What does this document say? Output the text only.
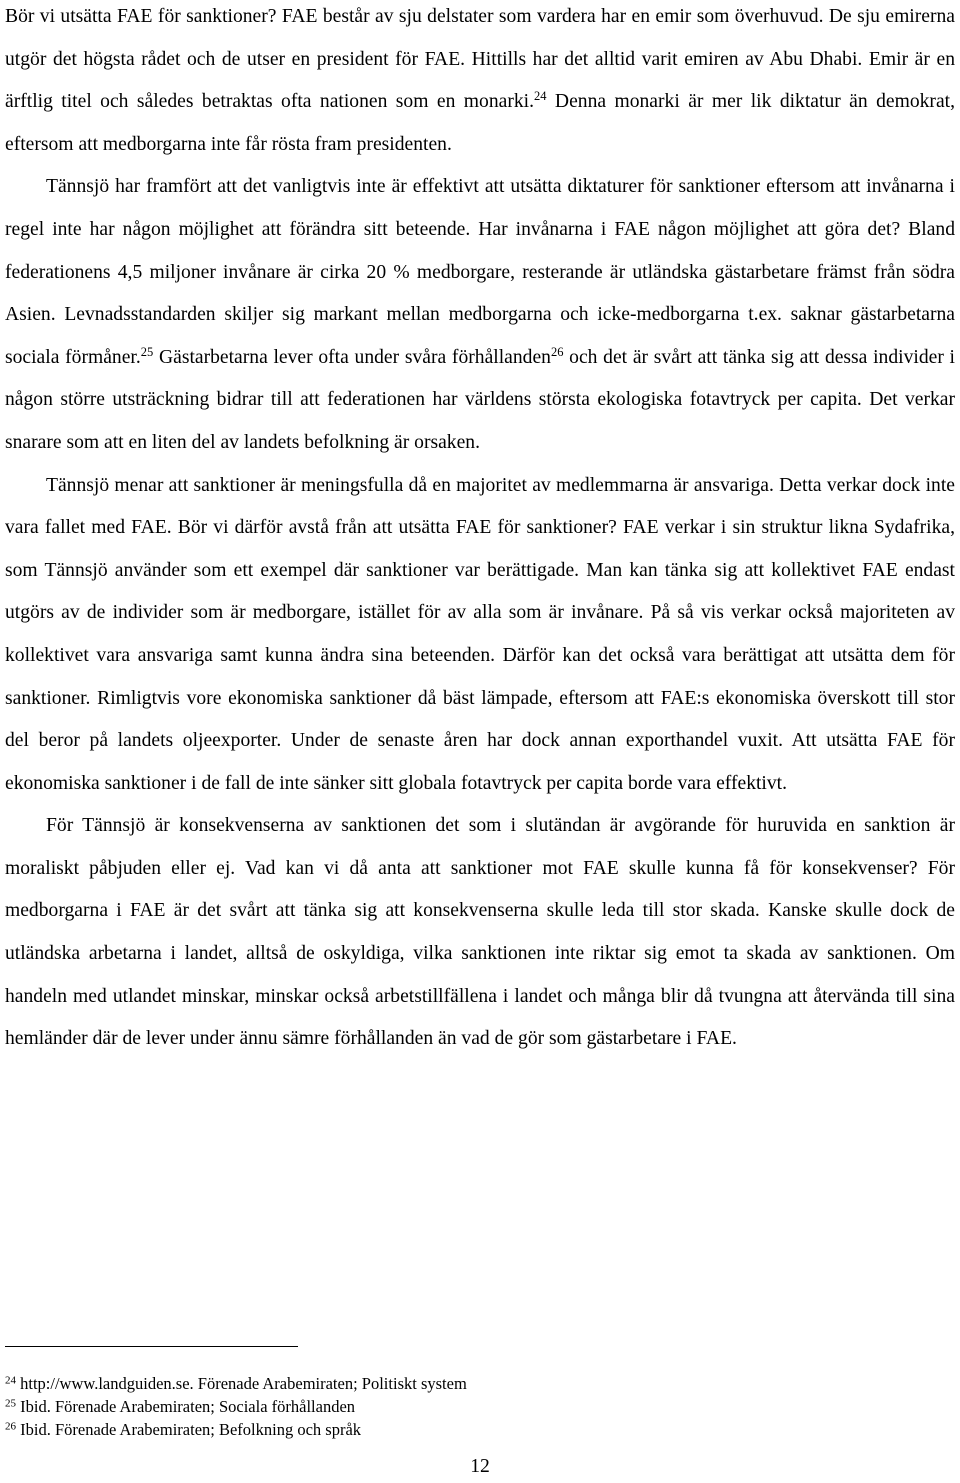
Bör vi utsätta FAE för sanktioner? FAE består av sju delstater som vardera har en emir som överhuvud. De sju emirerna utgör det högsta rådet och de utser en president för FAE. Hittills har det alltid varit emiren av Abu Dhabi. Emir är en ärftlig titel och således betraktas ofta nationen som en monarki.$^{24}$ Denna monarki är mer lik diktatur än demokrat, eftersom att medborgarna inte får rösta fram presidenten.

Tännsjö har framfört att det vanligtvis inte är effektivt att utsätta diktaturer för sanktioner eftersom att invånarna i regel inte har någon möjlighet att förändra sitt beteende. Har invånarna i FAE någon möjlighet att göra det? Bland federationens 4,5 miljoner invånare är cirka 20 % medborgare, resterande är utländska gästarbetare främst från södra Asien. Levnadsstandarden skiljer sig markant mellan medborgarna och icke-medborgarna t.ex. saknar gästarbetarna sociala förmåner.$^{25}$ Gästarbetarna lever ofta under svåra förhållanden$^{26}$ och det är svårt att tänka sig att dessa individer i någon större utsträckning bidrar till att federationen har världens största ekologiska fotavtryck per capita. Det verkar snarare som att en liten del av landets befolkning är orsaken.

Tännsjö menar att sanktioner är meningsfulla då en majoritet av medlemmarna är ansvariga. Detta verkar dock inte vara fallet med FAE. Bör vi därför avstå från att utsätta FAE för sanktioner? FAE verkar i sin struktur likna Sydafrika, som Tännsjö använder som ett exempel där sanktioner var berättigade. Man kan tänka sig att kollektivet FAE endast utgörs av de individer som är medborgare, istället för av alla som är invånare. På så vis verkar också majoriteten av kollektivet vara ansvariga samt kunna ändra sina beteenden. Därför kan det också vara berättigat att utsätta dem för sanktioner. Rimligtvis vore ekonomiska sanktioner då bäst lämpade, eftersom att FAE:s ekonomiska överskott till stor del beror på landets oljeexporter. Under de senaste åren har dock annan exporthandel vuxit. Att utsätta FAE för ekonomiska sanktioner i de fall de inte sänker sitt globala fotavtryck per capita borde vara effektivt.

För Tännsjö är konsekvenserna av sanktionen det som i slutändan är avgörande för huruvida en sanktion är moraliskt påbjuden eller ej. Vad kan vi då anta att sanktioner mot FAE skulle kunna få för konsekvenser? För medborgarna i FAE är det svårt att tänka sig att konsekvenserna skulle leda till stor skada. Kanske skulle dock de utländska arbetarna i landet, alltså de oskyldiga, vilka sanktionen inte riktar sig emot ta skada av sanktionen. Om handeln med utlandet minskar, minskar också arbetstillfällena i landet och många blir då tvungna att återvända till sina hemländer där de lever under ännu sämre förhållanden än vad de gör som gästarbetare i FAE.

$^{24}$ http://www.landguiden.se. Förenade Arabemiraten; Politiskt system

$^{25}$ Ibid. Förenade Arabemiraten; Sociala förhållanden

$^{26}$ Ibid. Förenade Arabemiraten; Befolkning och språk

12
